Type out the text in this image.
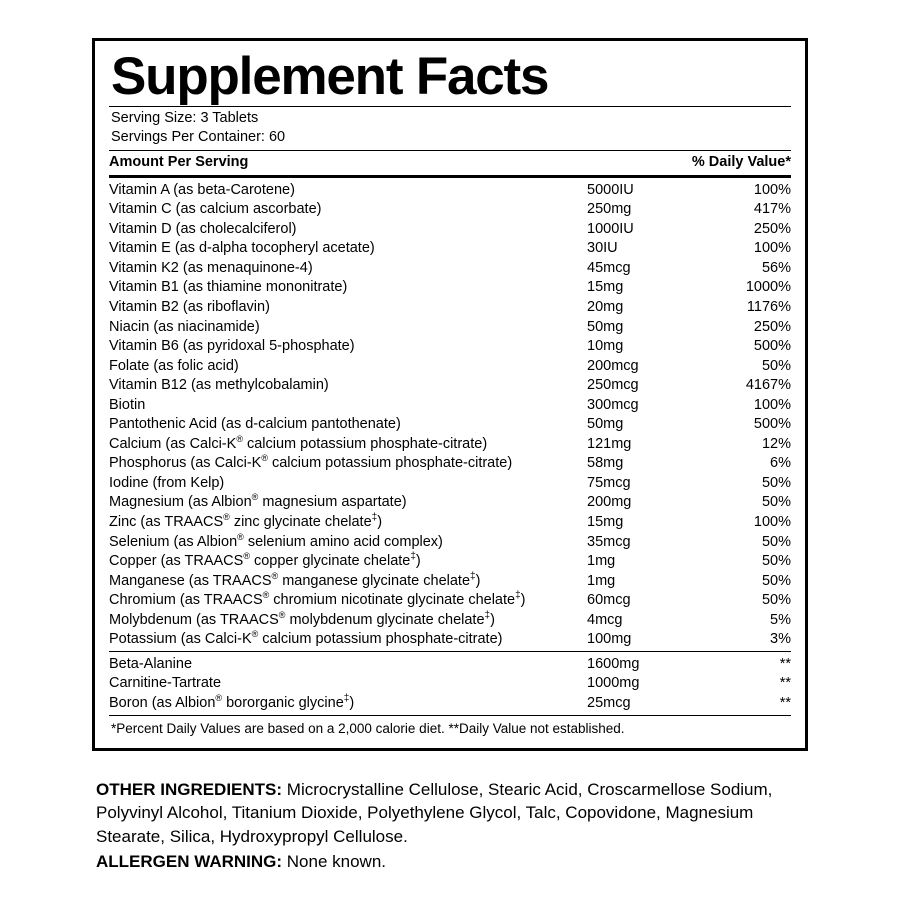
Supplement Facts
Serving Size: 3 Tablets
Servings Per Container: 60
Amount Per Serving		% Daily Value*
Vitamin A (as beta-Carotene)	5000IU	100%
Vitamin C (as calcium ascorbate)	250mg	417%
Vitamin D (as cholecalciferol)	1000IU	250%
Vitamin E (as d-alpha tocopheryl acetate)	30IU	100%
Vitamin K2 (as menaquinone-4)	45mcg	56%
Vitamin B1 (as thiamine mononitrate)	15mg	1000%
Vitamin B2 (as riboflavin)	20mg	1176%
Niacin (as niacinamide)	50mg	250%
Vitamin B6 (as pyridoxal 5-phosphate)	10mg	500%
Folate (as folic acid)	200mcg	50%
Vitamin B12 (as methylcobalamin)	250mcg	4167%
Biotin	300mcg	100%
Pantothenic Acid (as d-calcium pantothenate)	50mg	500%
Calcium (as Calci-K® calcium potassium phosphate-citrate)	121mg	12%
Phosphorus (as Calci-K® calcium potassium phosphate-citrate)	58mg	6%
Iodine (from Kelp)	75mcg	50%
Magnesium (as Albion® magnesium aspartate)	200mg	50%
Zinc (as TRAACS® zinc glycinate chelate‡)	15mg	100%
Selenium (as Albion® selenium amino acid complex)	35mcg	50%
Copper (as TRAACS® copper glycinate chelate‡)	1mg	50%
Manganese (as TRAACS® manganese glycinate chelate‡)	1mg	50%
Chromium (as TRAACS® chromium nicotinate glycinate chelate‡)	60mcg	50%
Molybdenum (as TRAACS® molybdenum glycinate chelate‡)	4mcg	5%
Potassium (as Calci-K® calcium potassium phosphate-citrate)	100mg	3%
Beta-Alanine	1600mg	**
Carnitine-Tartrate	1000mg	**
Boron (as Albion® bororganic glycine‡)	25mcg	**
*Percent Daily Values are based on a 2,000 calorie diet. **Daily Value not established.
OTHER INGREDIENTS: Microcrystalline Cellulose, Stearic Acid, Croscarmellose Sodium, Polyvinyl Alcohol, Titanium Dioxide, Polyethylene Glycol, Talc, Copovidone, Magnesium Stearate, Silica, Hydroxypropyl Cellulose.
ALLERGEN WARNING: None known.
